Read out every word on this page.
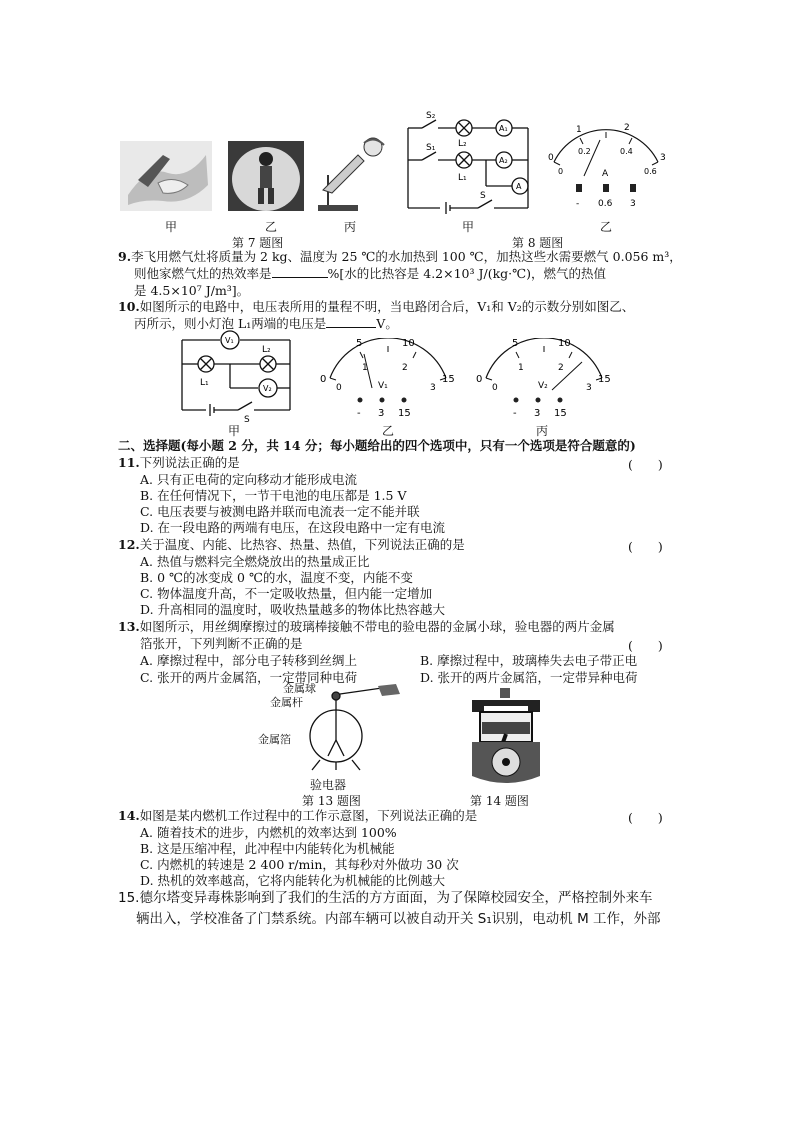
甲	乙	丙
第 7 题图
S₂
S₁
S
L₂
L₁
A₁
A₂
A
0
1	2
3
0
0.2	0.4
0.6
A
- 0.6 3
甲	乙
第 8 题图
9.李飞用燃气灶将质量为 2 kg、温度为 25 ℃的水加热到 100 ℃，加热这些水需要燃气 0.056 m³，
则他家燃气灶的热效率是	%[水的比热容是 4.2×10³ J/(kg·℃)，燃气的热值
是 4.5×10⁷ J/m³]。
10.如图所示的电路中，电压表所用的量程不明，当电路闭合后，V₁和 V₂的示数分别如图乙、
丙所示，则小灯泡 L₁两端的电压是	V。
V₁
L₂
L₁
V₂
S
0
5	10
15
0
1	2
3
V₁
- 3 15
0
5	10
15
0
1	2
3
V₂
- 3 15
甲	乙	丙
二、选择题(每小题 2 分，共 14 分；每小题给出的四个选项中，只有一个选项是符合题意的)
11.下列说法正确的是	(　　)
A. 只有正电荷的定向移动才能形成电流
B. 在任何情况下，一节干电池的电压都是 1.5 V
C. 电压表要与被测电路并联而电流表一定不能并联
D. 在一段电路的两端有电压，在这段电路中一定有电流
12.关于温度、内能、比热容、热量、热值，下列说法正确的是	(　　)
A. 热值与燃料完全燃烧放出的热量成正比
B. 0 ℃的冰变成 0 ℃的水，温度不变，内能不变
C. 物体温度升高，不一定吸收热量，但内能一定增加
D. 升高相同的温度时，吸收热量越多的物体比热容越大
13.如图所示，用丝绸摩擦过的玻璃棒接触不带电的验电器的金属小球，验电器的两片金属
箔张开，下列判断不正确的是	(　　)
A. 摩擦过程中，部分电子转移到丝绸上	B. 摩擦过程中，玻璃棒失去电子带正电
C. 张开的两片金属箔，一定带同种电荷	D. 张开的两片金属箔，一定带异种电荷
金属球
金属杆
金属箔
验电器
第 13 题图	第 14 题图
14.如图是某内燃机工作过程中的工作示意图，下列说法正确的是	(　　)
A. 随着技术的进步，内燃机的效率达到 100%
B. 这是压缩冲程，此冲程中内能转化为机械能
C. 内燃机的转速是 2 400 r/min，其每秒对外做功 30 次
D. 热机的效率越高，它将内能转化为机械能的比例越大
15.德尔塔变异毒株影响到了我们的生活的方方面面，为了保障校园安全，严格控制外来车
辆出入，学校准备了门禁系统。内部车辆可以被自动开关 S₁识别，电动机 M 工作，外部
